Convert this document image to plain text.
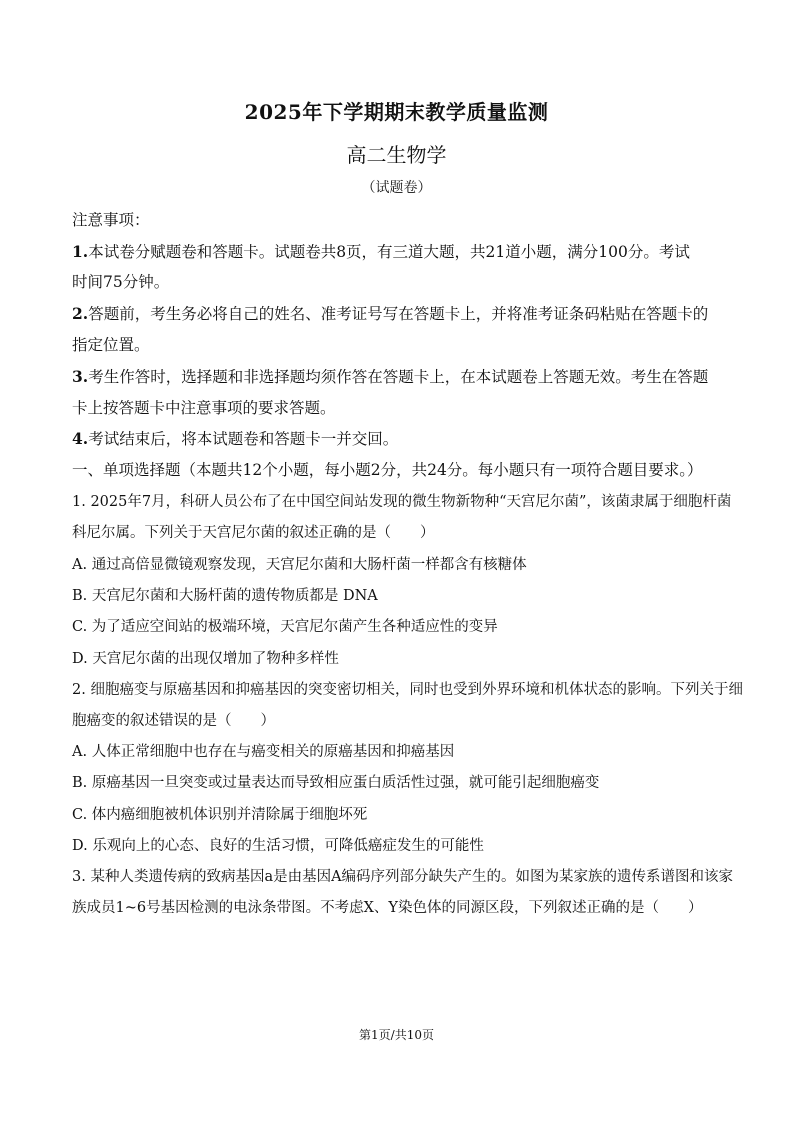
2025年下学期期末教学质量监测
高二生物学
（试题卷）
注意事项：
1.本试卷分赋题卷和答题卡。试题卷共8页，有三道大题，共21道小题，满分100分。考试
时间75分钟。
2.答题前，考生务必将自己的姓名、准考证号写在答题卡上，并将准考证条码粘贴在答题卡的
指定位置。
3.考生作答时，选择题和非选择题均须作答在答题卡上，在本试题卷上答题无效。考生在答题
卡上按答题卡中注意事项的要求答题。
4.考试结束后，将本试题卷和答题卡一并交回。
一、单项选择题（本题共12个小题，每小题2分，共24分。每小题只有一项符合题目要求。）
1. 2025年7月，科研人员公布了在中国空间站发现的微生物新物种“天宫尼尔菌”，该菌隶属于细胞杆菌
科尼尔属。下列关于天宫尼尔菌的叙述正确的是（　　）
A. 通过高倍显微镜观察发现，天宫尼尔菌和大肠杆菌一样都含有核糖体
B. 天宫尼尔菌和大肠杆菌的遗传物质都是 DNA
C. 为了适应空间站的极端环境，天宫尼尔菌产生各种适应性的变异
D. 天宫尼尔菌的出现仅增加了物种多样性
2. 细胞癌变与原癌基因和抑癌基因的突变密切相关，同时也受到外界环境和机体状态的影响。下列关于细
胞癌变的叙述错误的是（　　）
A. 人体正常细胞中也存在与癌变相关的原癌基因和抑癌基因
B. 原癌基因一旦突变或过量表达而导致相应蛋白质活性过强，就可能引起细胞癌变
C. 体内癌细胞被机体识别并清除属于细胞坏死
D. 乐观向上的心态、良好的生活习惯，可降低癌症发生的可能性
3. 某种人类遗传病的致病基因a是由基因A编码序列部分缺失产生的。如图为某家族的遗传系谱图和该家
族成员1~6号基因检测的电泳条带图。不考虑X、Y染色体的同源区段，下列叙述正确的是（　　）
第1页/共10页
